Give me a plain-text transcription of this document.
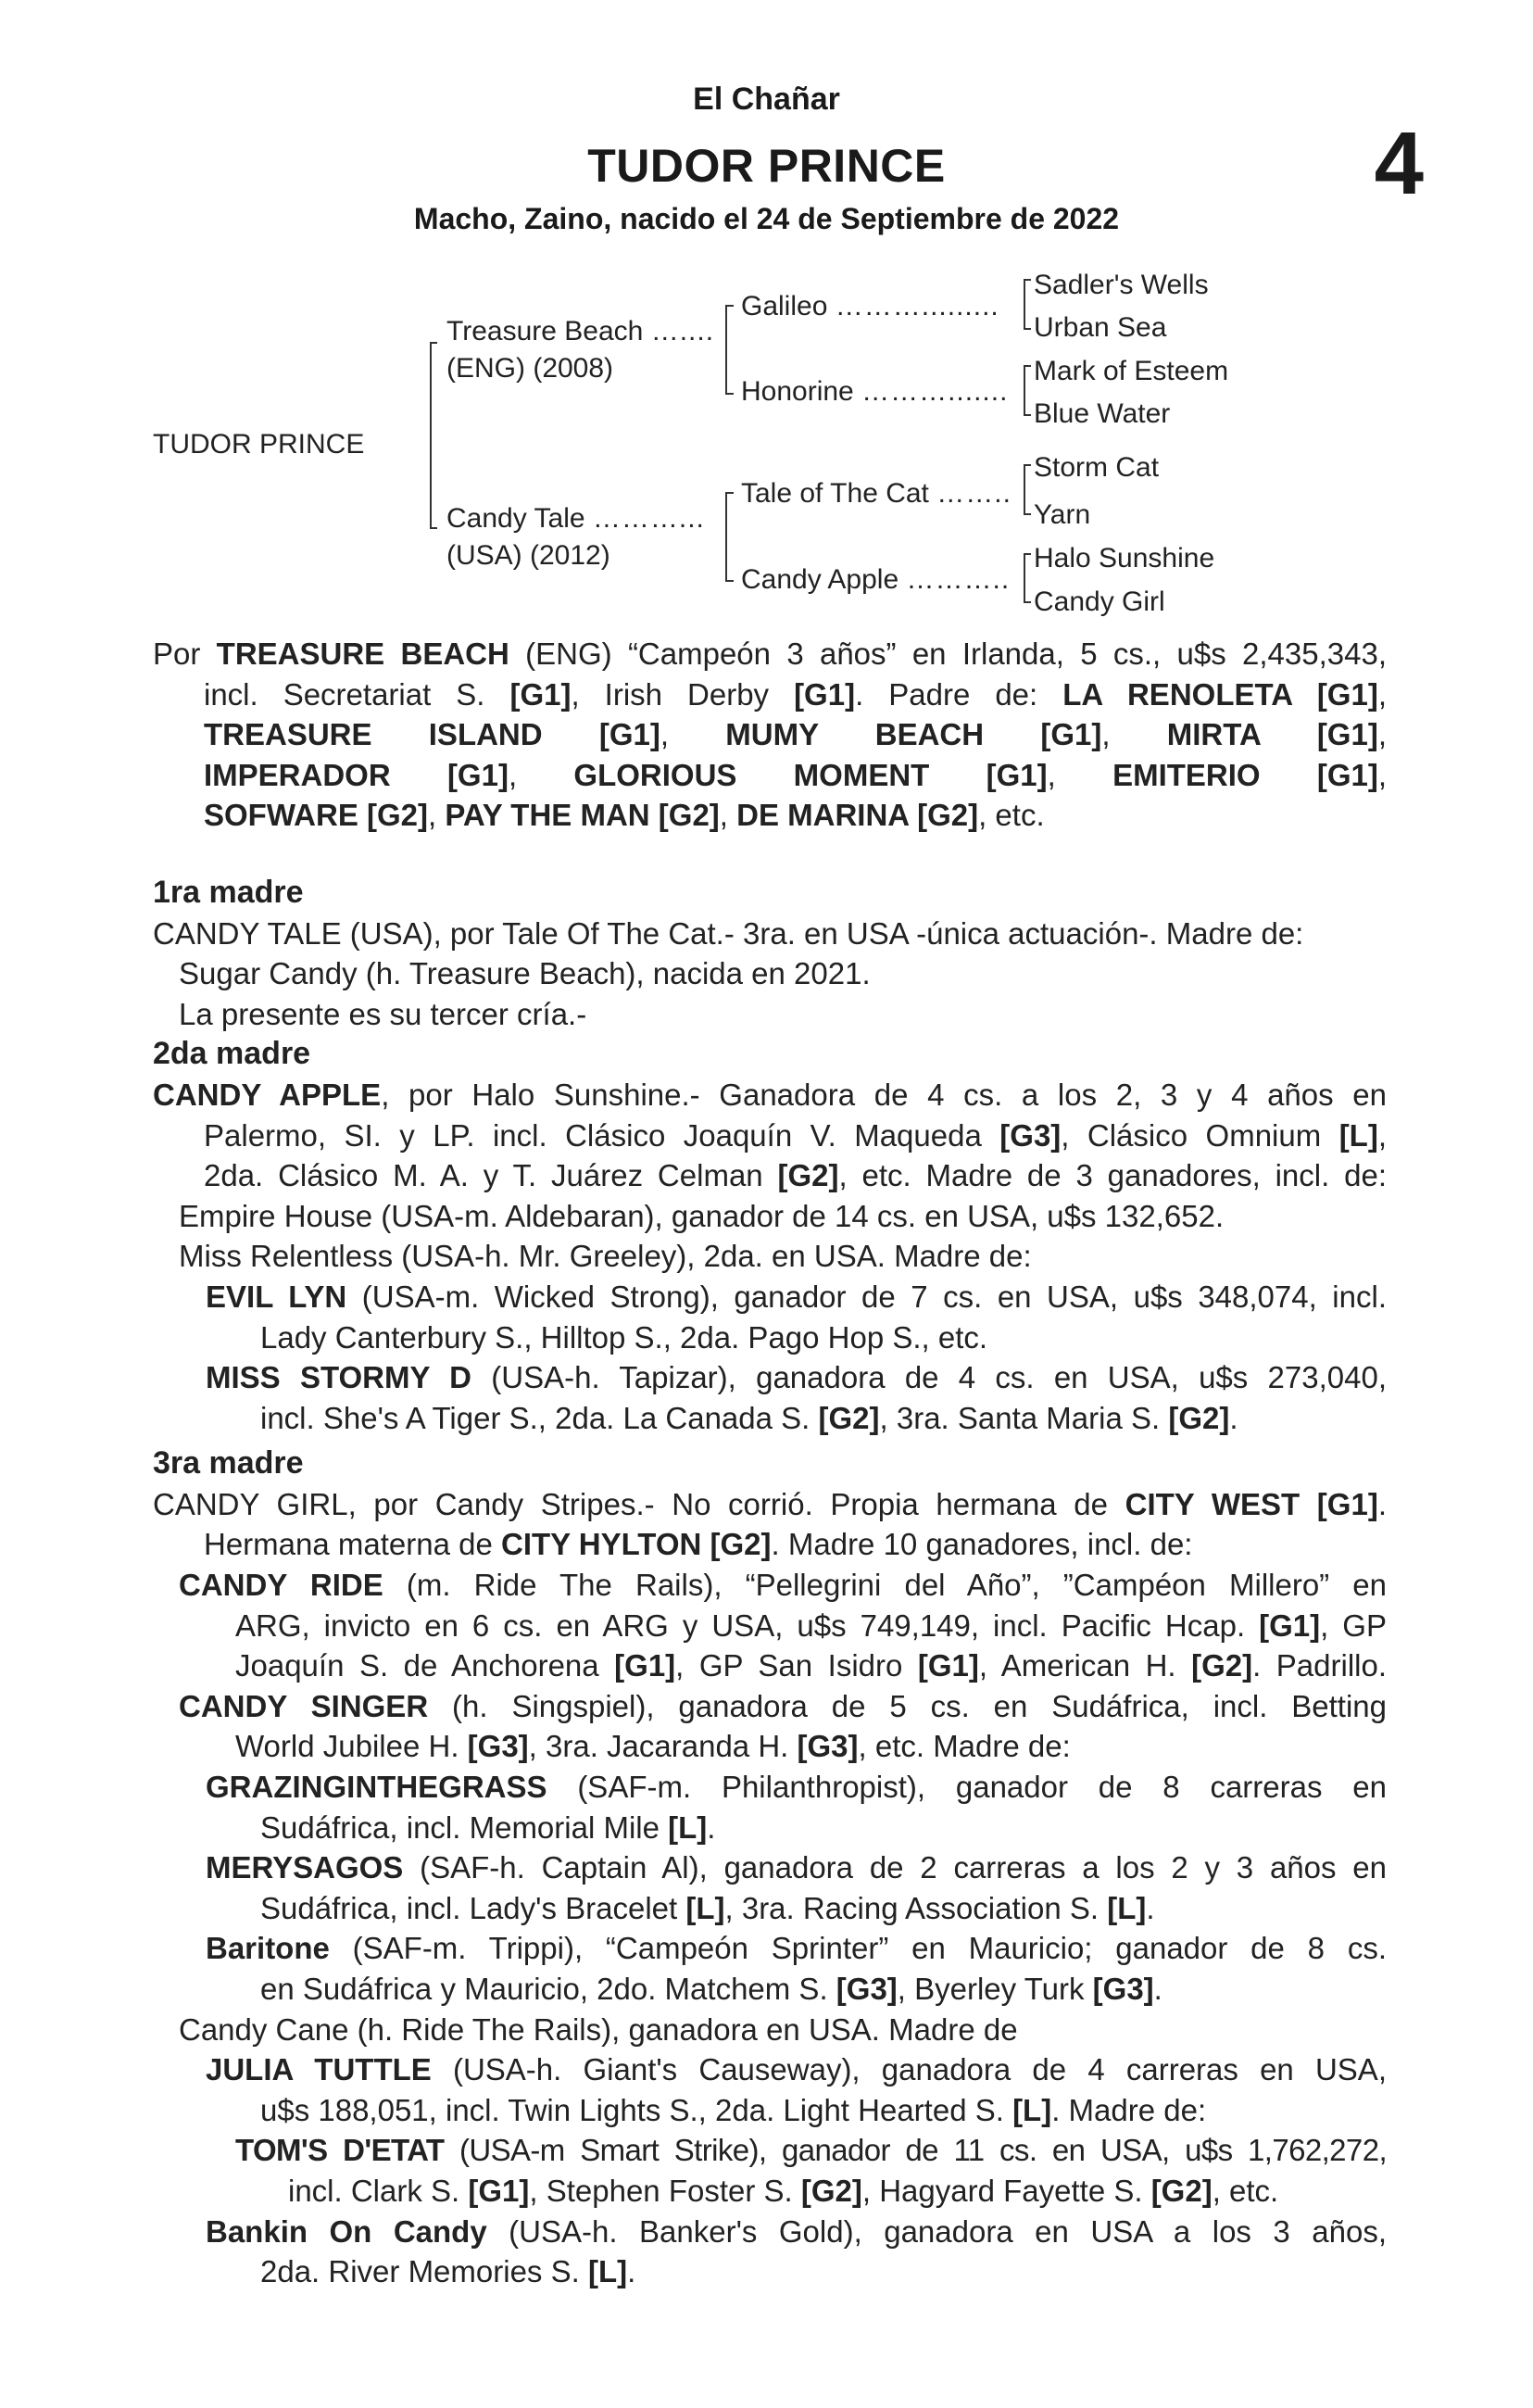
El Chañar
TUDOR PRINCE	4
Macho, Zaino, nacido el 24 de Septiembre de 2022
TUDOR PRINCE
Treasure Beach …....
(ENG) (2008)
Candy Tale ………...
(USA) (2012)
Galileo ……….........
Honorine ……….......
Tale of The Cat ……..
Candy Apple ………..
Sadler's Wells
Urban Sea
Mark of Esteem
Blue Water
Storm Cat
Yarn
Halo Sunshine
Candy Girl

Por TREASURE BEACH (ENG) “Campeón 3 años” en Irlanda, 5 cs., u$s 2,435,343,

incl. Secretariat S. [G1], Irish Derby [G1]. Padre de: LA RENOLETA [G1],

TREASURE ISLAND [G1], MUMY BEACH [G1], MIRTA [G1],

IMPERADOR [G1], GLORIOUS MOMENT [G1], EMITERIO [G1],

SOFWARE [G2], PAY THE MAN [G2], DE MARINA [G2], etc.

1ra madre

CANDY TALE (USA), por Tale Of The Cat.- 3ra. en USA -única actuación-. Madre de:

Sugar Candy (h. Treasure Beach), nacida en 2021.

La presente es su tercer cría.-

2da madre

CANDY APPLE, por Halo Sunshine.- Ganadora de 4 cs. a los 2, 3 y 4 años en

Palermo, SI. y LP. incl. Clásico Joaquín V. Maqueda [G3], Clásico Omnium [L],

2da. Clásico M. A. y T. Juárez Celman [G2], etc. Madre de 3 ganadores, incl. de:

Empire House (USA-m. Aldebaran), ganador de 14 cs. en USA, u$s 132,652.

Miss Relentless (USA-h. Mr. Greeley), 2da. en USA. Madre de:

EVIL LYN (USA-m. Wicked Strong), ganador de 7 cs. en USA, u$s 348,074, incl.

Lady Canterbury S., Hilltop S., 2da. Pago Hop S., etc.

MISS STORMY D (USA-h. Tapizar), ganadora de 4 cs. en USA, u$s 273,040,

incl. She's A Tiger S., 2da. La Canada S. [G2], 3ra. Santa Maria S. [G2].

3ra madre

CANDY GIRL, por Candy Stripes.- No corrió. Propia hermana de CITY WEST [G1].

Hermana materna de CITY HYLTON [G2]. Madre 10 ganadores, incl. de:

CANDY RIDE (m. Ride The Rails), “Pellegrini del Año”, ”Campéon Millero” en

ARG, invicto en 6 cs. en ARG y USA, u$s 749,149, incl. Pacific Hcap. [G1], GP

Joaquín S. de Anchorena [G1], GP San Isidro [G1], American H. [G2]. Padrillo.

CANDY SINGER (h. Singspiel), ganadora de 5 cs. en Sudáfrica, incl. Betting

World Jubilee H. [G3], 3ra. Jacaranda H. [G3], etc. Madre de:

GRAZINGINTHEGRASS (SAF-m. Philanthropist), ganador de 8 carreras en

Sudáfrica, incl. Memorial Mile [L].

MERYSAGOS (SAF-h. Captain Al), ganadora de 2 carreras a los 2 y 3 años en

Sudáfrica, incl. Lady's Bracelet [L], 3ra. Racing Association S. [L].

Baritone (SAF-m. Trippi), “Campeón Sprinter” en Mauricio; ganador de 8 cs.

en Sudáfrica y Mauricio, 2do. Matchem S. [G3], Byerley Turk [G3].

Candy Cane (h. Ride The Rails), ganadora en USA. Madre de

JULIA TUTTLE (USA-h. Giant's Causeway), ganadora de 4 carreras en USA,

u$s 188,051, incl. Twin Lights S., 2da. Light Hearted S. [L]. Madre de:

TOM'S D'ETAT (USA-m Smart Strike), ganador de 11 cs. en USA, u$s 1,762,272,

incl. Clark S. [G1], Stephen Foster S. [G2], Hagyard Fayette S. [G2], etc.

Bankin On Candy (USA-h. Banker's Gold), ganadora en USA a los 3 años,

2da. River Memories S. [L].
